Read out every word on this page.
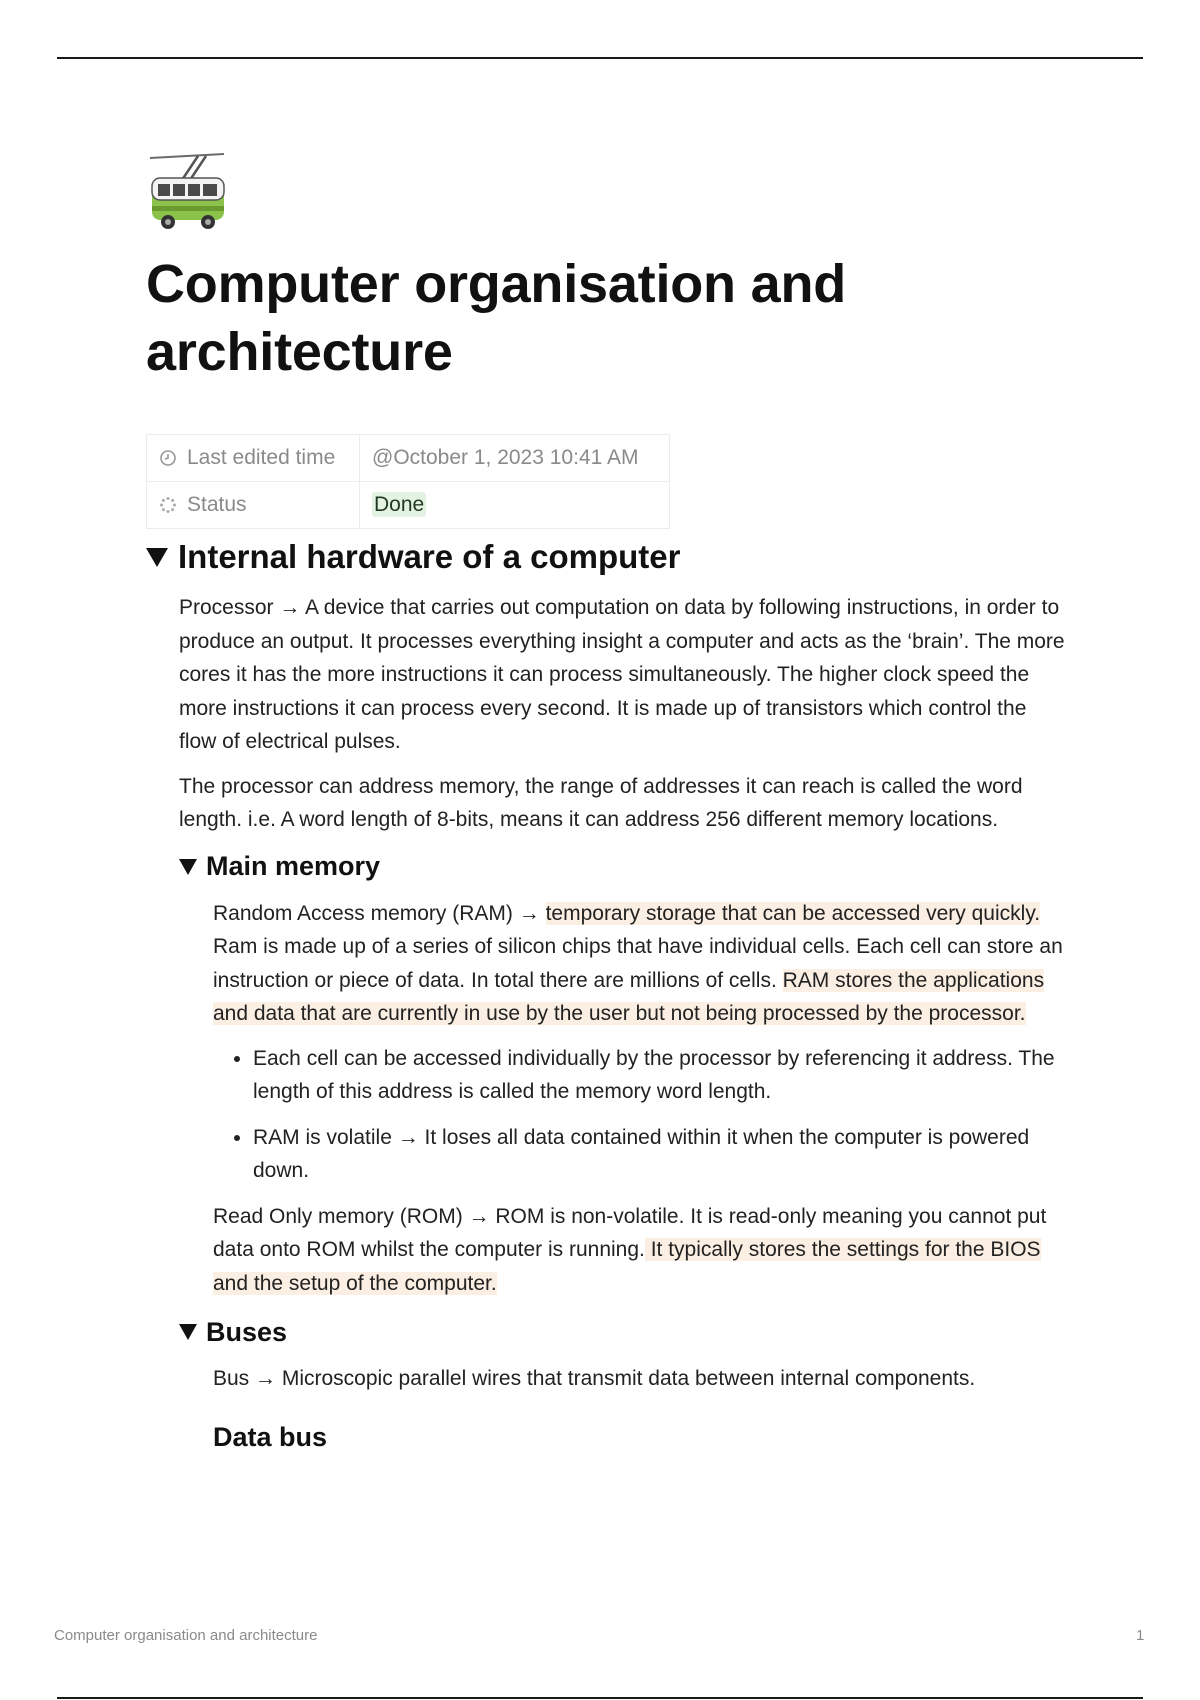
Computer organisation and
architecture
Last edited time	@October 1, 2023 10:41 AM
Status	Done
Internal hardware of a computer

Processor → A device that carries out computation on data by following instructions, in order to produce an output. It processes everything insight a computer and acts as the ‘brain’. The more cores it has the more instructions it can process simultaneously. The higher clock speed the more instructions it can process every second. It is made up of transistors which control the flow of electrical pulses.

The processor can address memory, the range of addresses it can reach is called the word length. i.e. A word length of 8-bits, means it can address 256 different memory locations.

Main memory

Random Access memory (RAM) → temporary storage that can be accessed very quickly. Ram is made up of a series of silicon chips that have individual cells. Each cell can store an instruction or piece of data. In total there are millions of cells. RAM stores the applications and data that are currently in use by the user but not being processed by the processor.

• Each cell can be accessed individually by the processor by referencing it address. The length of this address is called the memory word length.
• RAM is volatile → It loses all data contained within it when the computer is powered down.

Read Only memory (ROM) → ROM is non-volatile. It is read-only meaning you cannot put data onto ROM whilst the computer is running. It typically stores the settings for the BIOS and the setup of the computer.

Buses

Bus → Microscopic parallel wires that transmit data between internal components.

Data bus
Computer organisation and architecture	1
